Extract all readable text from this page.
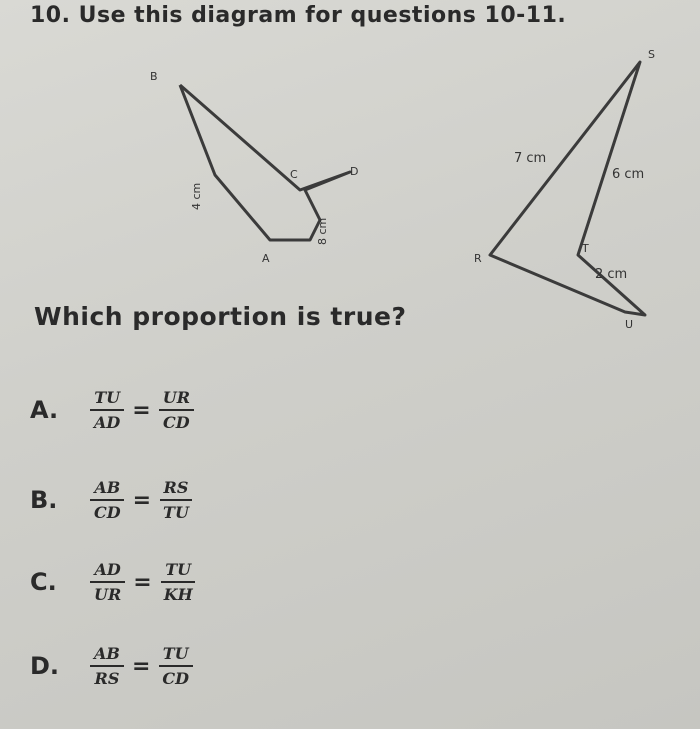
10. Use this diagram for questions 10-11.
B
C	D
A
4 cm
8 cm
S
R
T
U
7 cm
6 cm
2 cm
Which proportion is true?
A.	$\frac{TU}{AD} = \frac{UR}{CD}$
B.	$\frac{AB}{CD} = \frac{RS}{TU}$
C.	$\frac{AD}{UR} = \frac{TU}{KH}$
D.	$\frac{AB}{RS} = \frac{TU}{CD}$
